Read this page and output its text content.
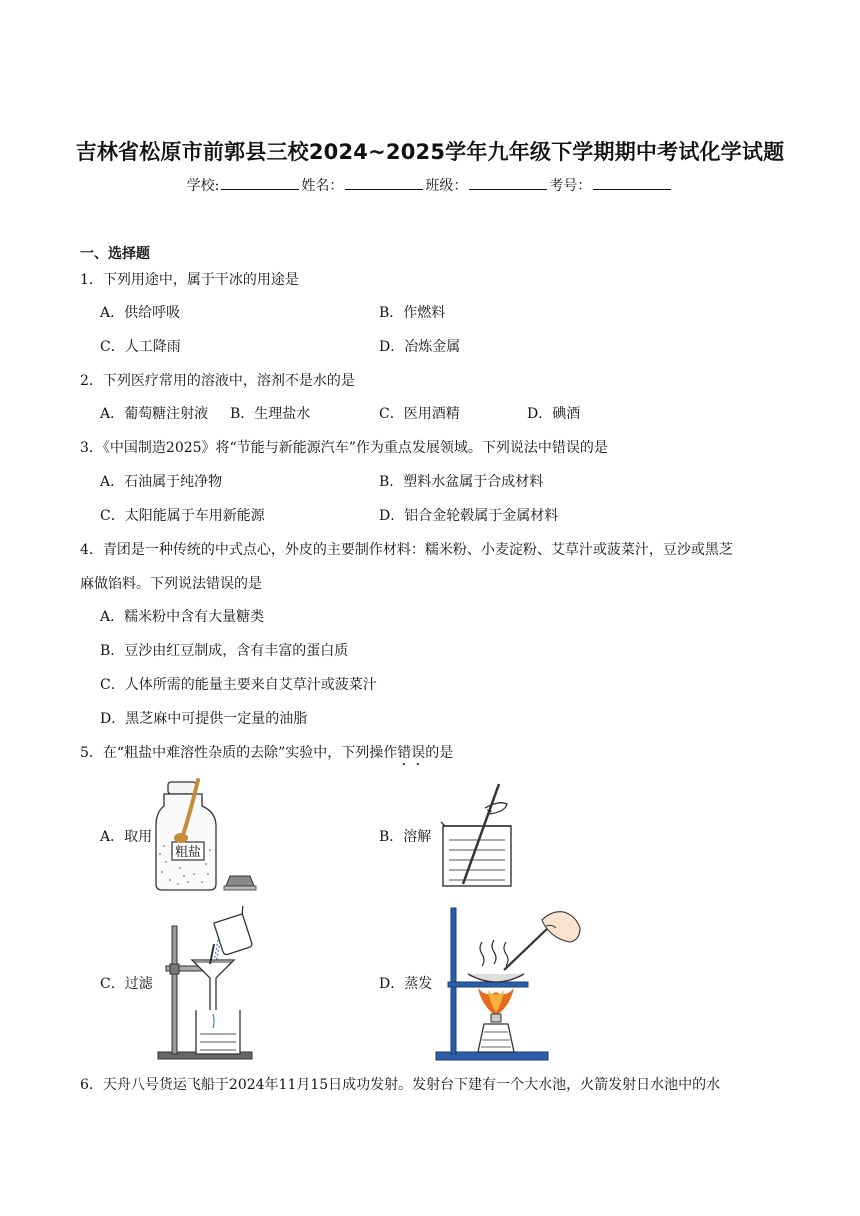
吉林省松原市前郭县三校2024~2025学年九年级下学期期中考试化学试题
学校:	姓名：	班级：	考号：
一、选择题
1．下列用途中，属于干冰的用途是
A．供给呼吸	B．作燃料
C．人工降雨	D．冶炼金属
2．下列医疗常用的溶液中，溶剂不是水的是
A．葡萄糖注射液 B．生理盐水	C．医用酒精	D．碘酒
3．《中国制造2025》将“节能与新能源汽车”作为重点发展领域。下列说法中错误的是
A．石油属于纯净物	B．塑料水盆属于合成材料
C．太阳能属于车用新能源	D．铝合金轮毂属于金属材料
4．青团是一种传统的中式点心，外皮的主要制作材料：糯米粉、小麦淀粉、艾草汁或菠菜汁，豆沙或黑芝
麻做馅料。下列说法错误的是
A．糯米粉中含有大量糖类
B．豆沙由红豆制成，含有丰富的蛋白质
C．人体所需的能量主要来自艾草汁或菠菜汁
D．黑芝麻中可提供一定量的油脂
5．在“粗盐中难溶性杂质的去除”实验中，下列操作错误的是
A．取用	B．溶解
C．过滤	D．蒸发
粗盐
6．天舟八号货运飞船于2024年11月15日成功发射。发射台下建有一个大水池，火箭发射日水池中的水
